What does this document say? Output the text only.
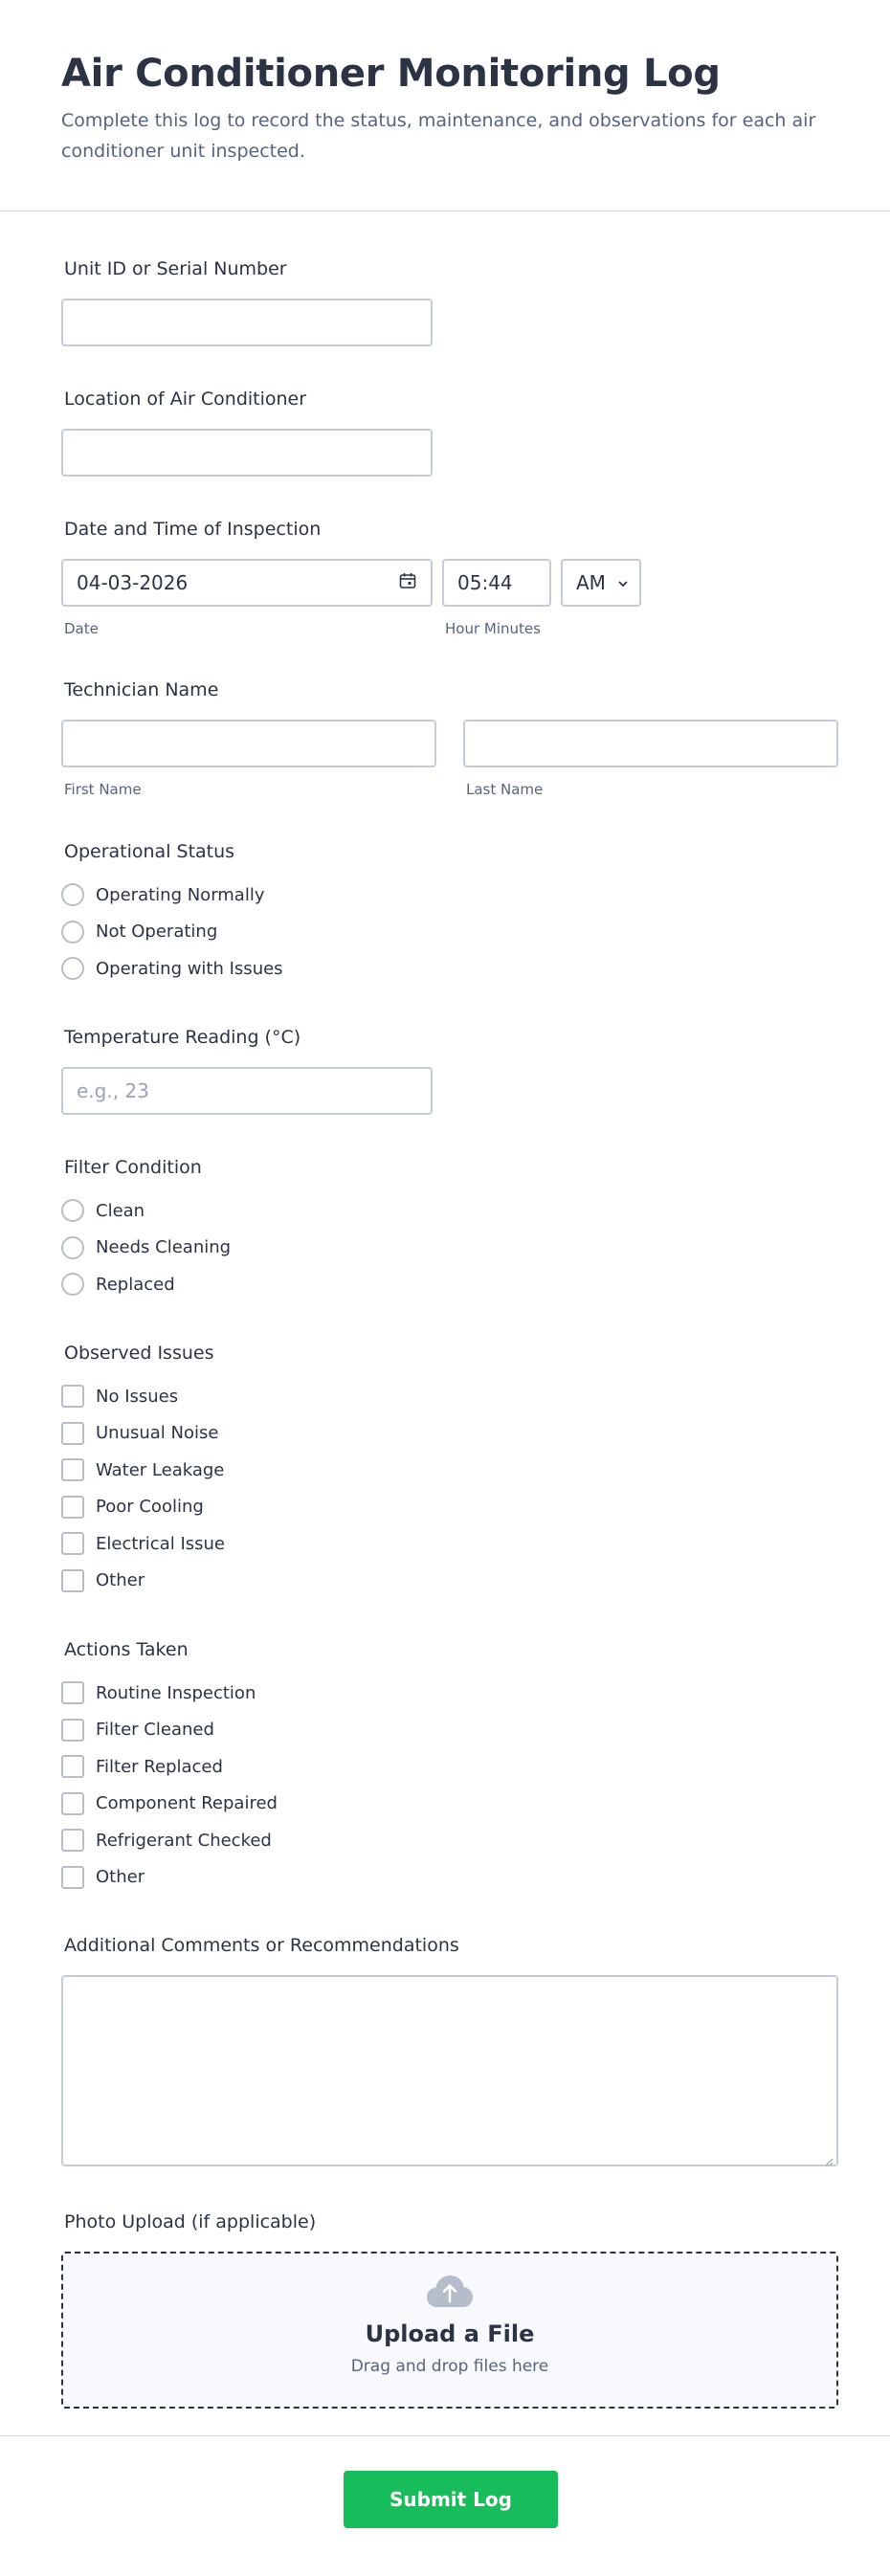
Air Conditioner Monitoring Log

Complete this log to record the status, maintenance, and observations for each air conditioner unit inspected.

Unit ID or Serial Number
Location of Air Conditioner
Date and Time of Inspection
04-03-2026
Date
05:44
Hour Minutes
AM
Technician Name
First Name	Last Name
Operational Status
Operating Normally
Not Operating
Operating with Issues
Temperature Reading (°C)
e.g., 23
Filter Condition
Clean
Needs Cleaning
Replaced
Observed Issues
No Issues
Unusual Noise
Water Leakage
Poor Cooling
Electrical Issue
Other
Actions Taken
Routine Inspection
Filter Cleaned
Filter Replaced
Component Repaired
Refrigerant Checked
Other
Additional Comments or Recommendations
Photo Upload (if applicable)
Upload a File
Drag and drop files here
Submit Log
